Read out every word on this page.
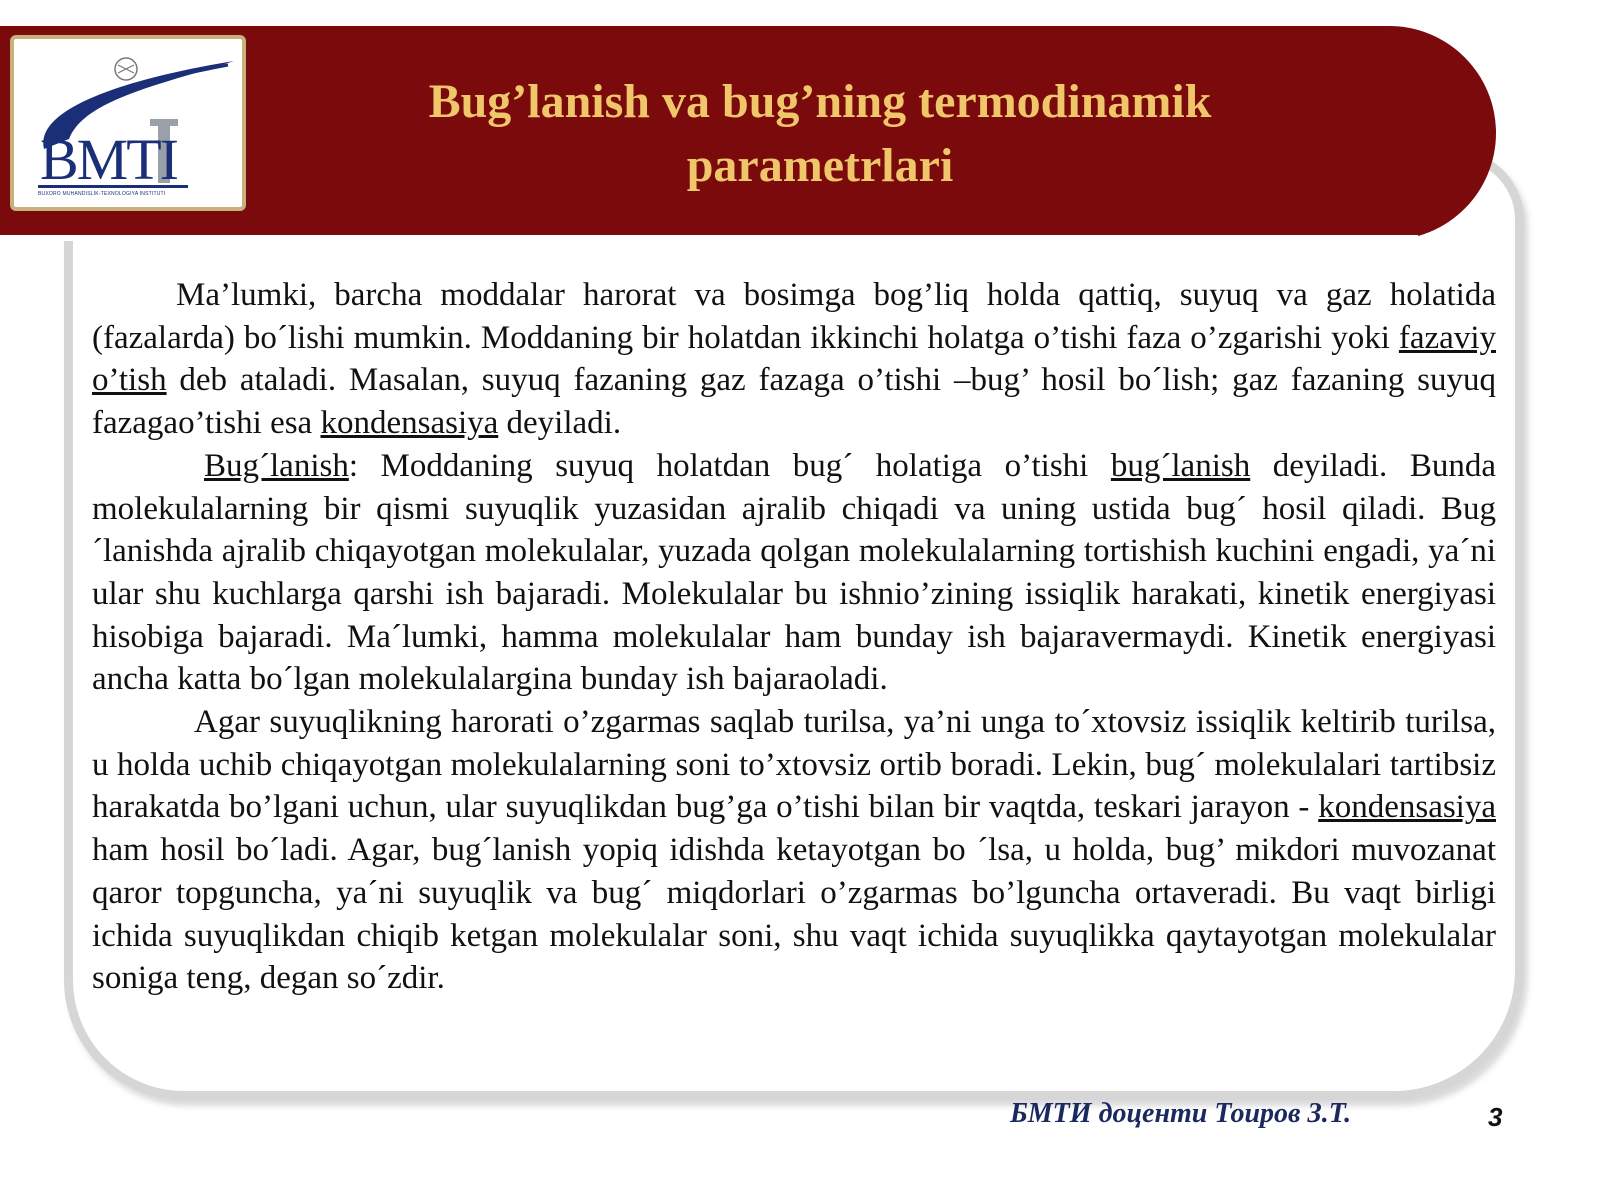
BMTI
BUXORO MUHANDISLIK-TEXNOLOGIYA INSTITUTI
Bug’lanish va bug’ning termodinamik
parametrlari

Ma’lumki, barcha moddalar harorat va bosimga bog’liq holda qattiq, suyuq va gaz holatida (fazalarda) bo´lishi mumkin. Moddaning bir holatdan ikkinchi holatga o’tishi faza o’zgarishi yoki fazaviy o’tish deb ataladi. Masalan, suyuq fazaning gaz fazaga o’tishi –bug’ hosil bo´lish; gaz fazaning suyuq fazagao’tishi esa kondensasiya deyiladi.

Bug´lanish: Moddaning suyuq holatdan bug´ holatiga o’tishi bug´lanish deyiladi. Bunda molekulalarning bir qismi suyuqlik yuzasidan ajralib chiqadi va uning ustida bug´ hosil qiladi. Bug´lanishda ajralib chiqayotgan molekulalar, yuzada qolgan molekulalarning tortishish kuchini engadi, ya´ni ular shu kuchlarga qarshi ish bajaradi. Molekulalar bu ishnio’zining issiqlik harakati, kinetik energiyasi hisobiga bajaradi. Ma´lumki, hamma molekulalar ham bunday ish bajaravermaydi. Kinetik energiyasi ancha katta bo´lgan molekulalargina bunday ish bajaraoladi.

Agar suyuqlikning harorati o’zgarmas saqlab turilsa, ya’ni unga to´xtovsiz issiqlik keltirib turilsa, u holda uchib chiqayotgan molekulalarning soni to’xtovsiz ortib boradi. Lekin, bug´ molekulalari tartibsiz harakatda bo’lgani uchun, ular suyuqlikdan bug’ga o’tishi bilan bir vaqtda, teskari jarayon - kondensasiya ham hosil bo´ladi. Agar, bug´lanish yopiq idishda ketayotgan bo ´lsa, u holda, bug’ mikdori muvozanat qaror topguncha, ya´ni suyuqlik va bug´ miqdorlari o’zgarmas bo’lguncha ortaveradi. Bu vaqt birligi ichida suyuqlikdan chiqib ketgan molekulalar soni, shu vaqt ichida suyuqlikka qaytayotgan molekulalar soniga teng, degan so´zdir.

БМТИ доценти Тоиров З.Т.	3
